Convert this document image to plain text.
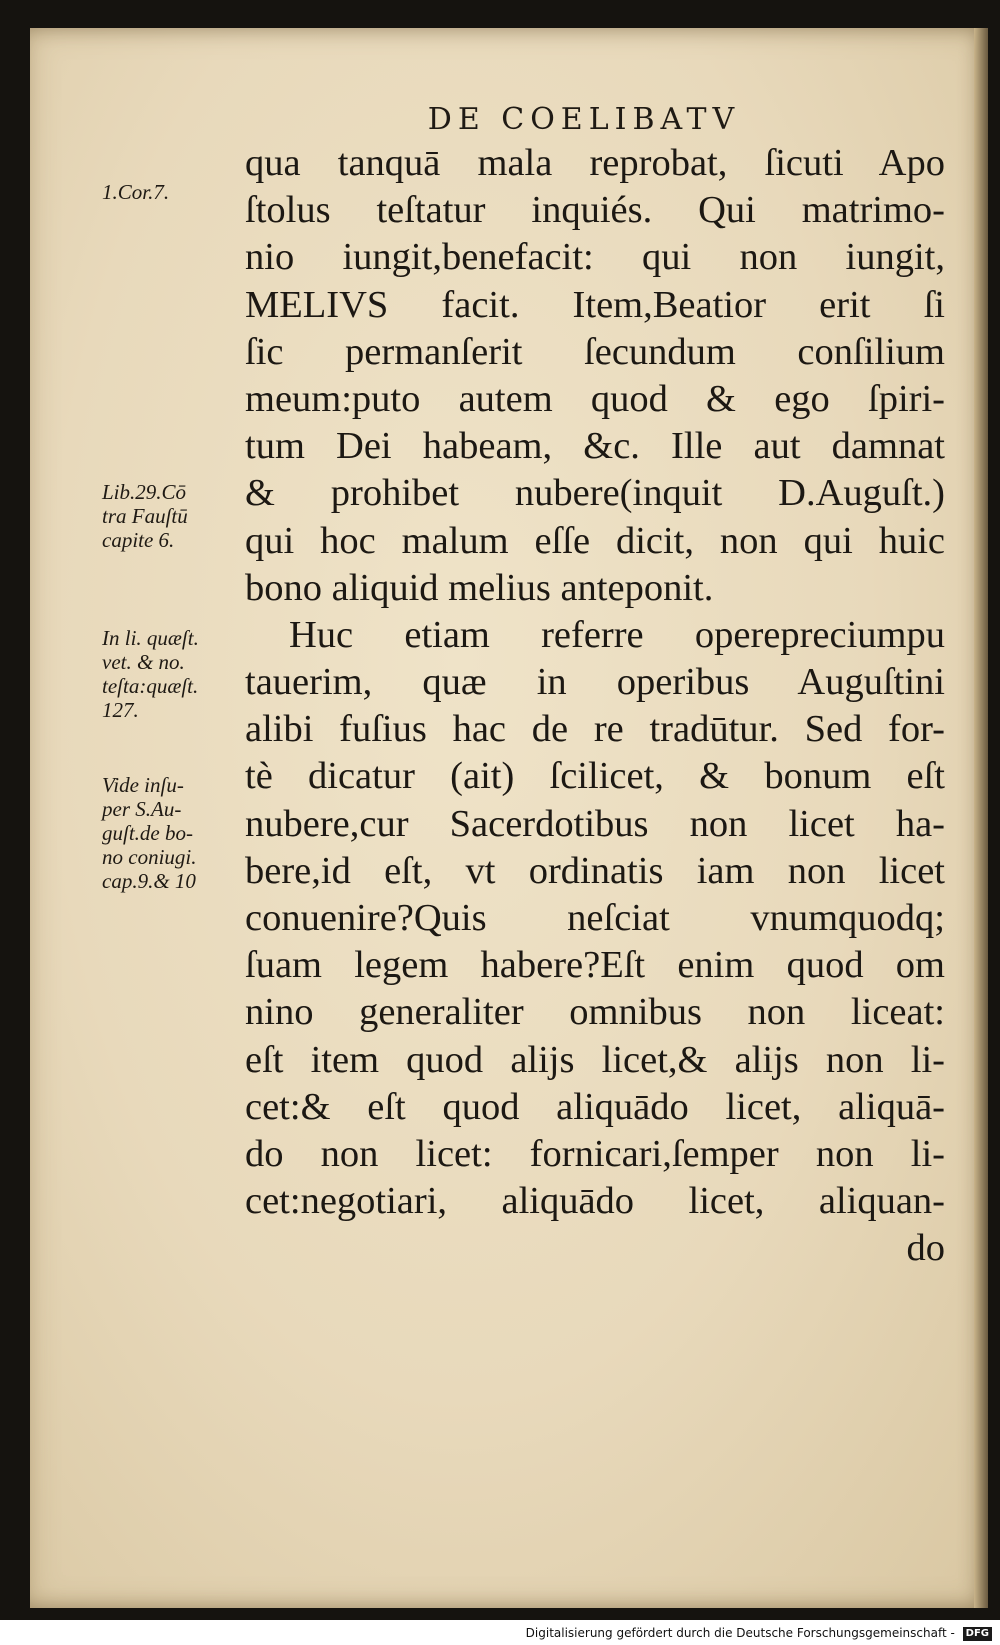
DE COELIBATV
1.Cor.7.
Lib.29.Cō
tra Fauſtū
capite 6.
In li. quæſt.
vet. & no.
teſta:quæſt.
127.
Vide inſu-
per S.Au-
guſt.de bo-
no coniugi.
cap.9.& 10
qua tanquā mala reprobat, ſicuti Apo
ſtolus teſtatur inquiés. Qui matrimo-
nio iungit,benefacit: qui non iungit,
MELIVS facit. Item,Beatior erit ſi
ſic permanſerit ſecundum conſilium
meum:puto autem quod & ego ſpiri-
tum Dei habeam, &c. Ille aut damnat
& prohibet nubere(inquit D.Auguſt.)
qui hoc malum eſſe dicit, non qui huic
bono aliquid melius anteponit.
Huc etiam referre operepreciumpu
tauerim, quæ in operibus Auguſtini
alibi fuſius hac de re tradūtur. Sed for-
tè dicatur (ait) ſcilicet, & bonum eſt
nubere,cur Sacerdotibus non licet ha-
bere,id eſt, vt ordinatis iam non licet
conuenire?Quis neſciat vnumquodq;
ſuam legem habere?Eſt enim quod om
nino generaliter omnibus non liceat:
eſt item quod alijs licet,& alijs non li-
cet:& eſt quod aliquādo licet, aliquā-
do non licet: fornicari,ſemper non li-
cet:negotiari, aliquādo licet, aliquan-
do
Digitalisierung gefördert durch die Deutsche Forschungsgemeinschaft - DFG
